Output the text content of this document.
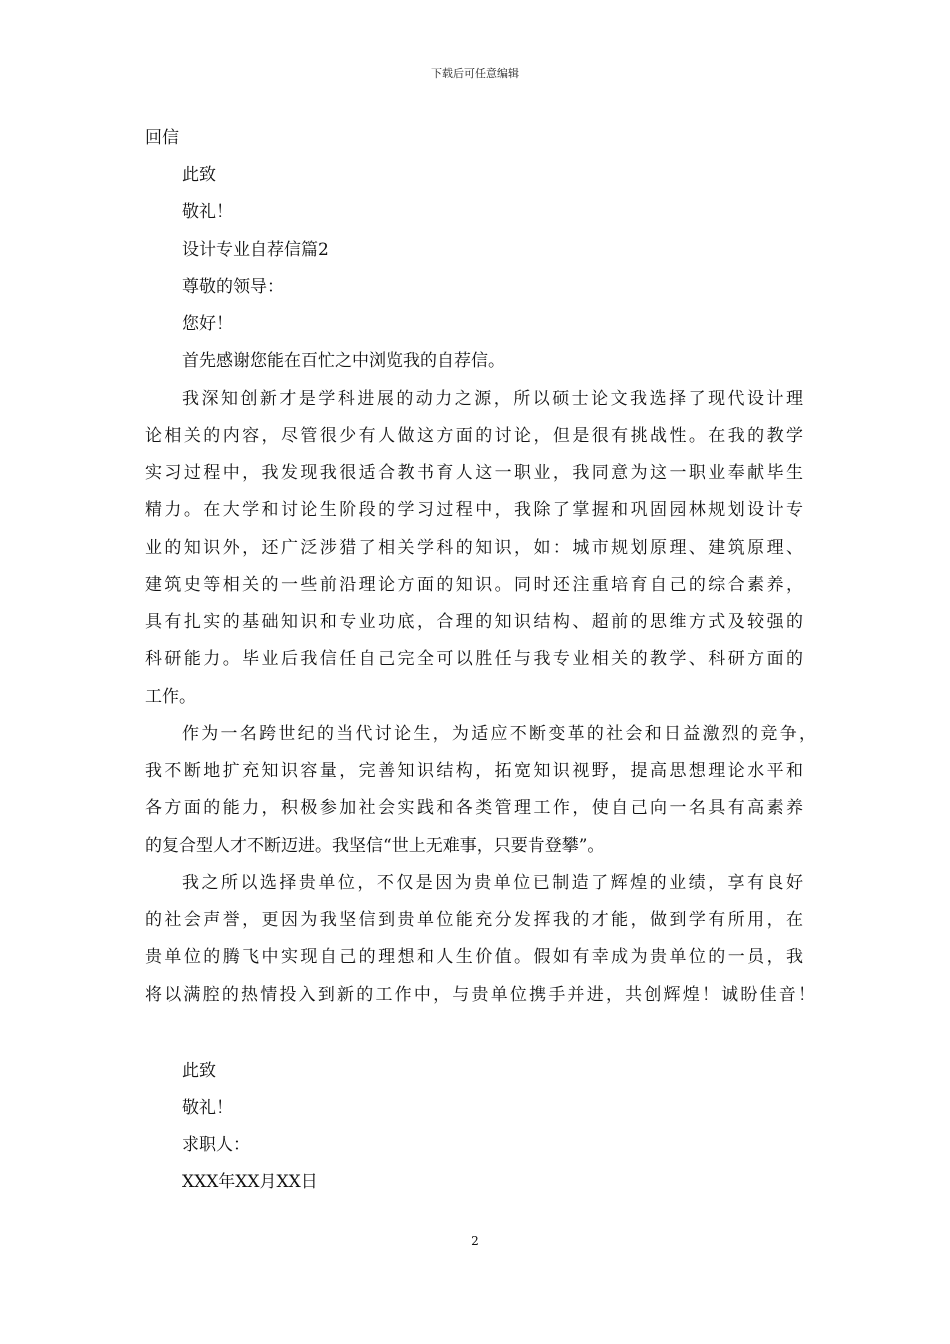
下载后可任意编辑
回信
此致
敬礼！
设计专业自荐信篇2
尊敬的领导：
您好！
首先感谢您能在百忙之中浏览我的自荐信。
我深知创新才是学科进展的动力之源，所以硕士论文我选择了现代设计理
论相关的内容，尽管很少有人做这方面的讨论，但是很有挑战性。在我的教学
实习过程中，我发现我很适合教书育人这一职业，我同意为这一职业奉献毕生
精力。在大学和讨论生阶段的学习过程中，我除了掌握和巩固园林规划设计专
业的知识外，还广泛涉猎了相关学科的知识，如：城市规划原理、建筑原理、
建筑史等相关的一些前沿理论方面的知识。同时还注重培育自己的综合素养，
具有扎实的基础知识和专业功底，合理的知识结构、超前的思维方式及较强的
科研能力。毕业后我信任自己完全可以胜任与我专业相关的教学、科研方面的
工作。
作为一名跨世纪的当代讨论生，为适应不断变革的社会和日益激烈的竞争，
我不断地扩充知识容量，完善知识结构，拓宽知识视野，提高思想理论水平和
各方面的能力，积极参加社会实践和各类管理工作，使自己向一名具有高素养
的复合型人才不断迈进。我坚信“世上无难事，只要肯登攀”。
我之所以选择贵单位，不仅是因为贵单位已制造了辉煌的业绩，享有良好
的社会声誉，更因为我坚信到贵单位能充分发挥我的才能，做到学有所用，在
贵单位的腾飞中实现自己的理想和人生价值。假如有幸成为贵单位的一员，我
将以满腔的热情投入到新的工作中，与贵单位携手并进，共创辉煌！诚盼佳音！
此致
敬礼！
求职人：
XXX年XX月XX日
2
